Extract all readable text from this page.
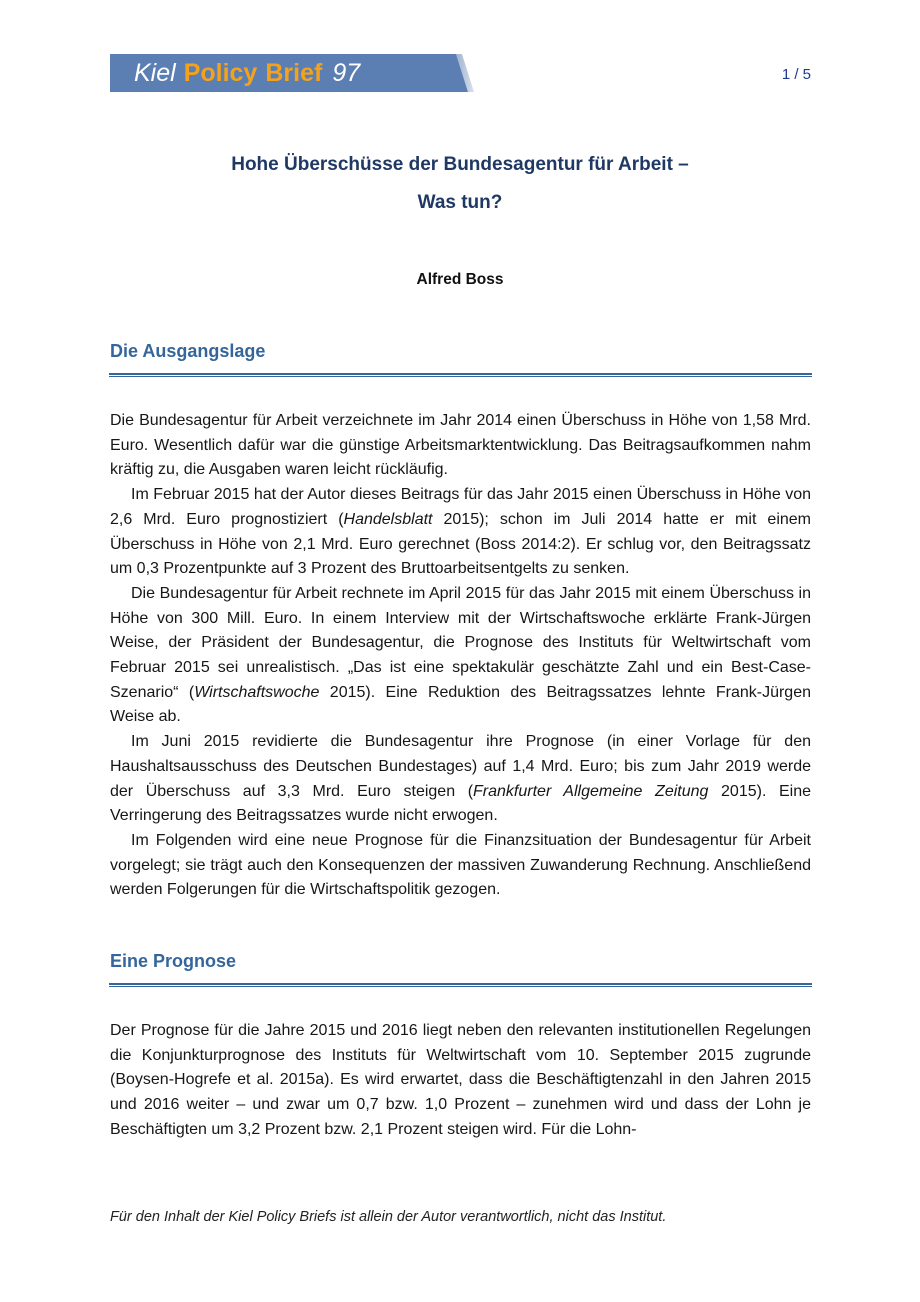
Kiel Policy Brief 97	1 / 5
Hohe Überschüsse der Bundesagentur für Arbeit –
Was tun?
Alfred Boss
Die Ausgangslage

Die Bundesagentur für Arbeit verzeichnete im Jahr 2014 einen Überschuss in Höhe von 1,58 Mrd. Euro. Wesentlich dafür war die günstige Arbeitsmarktentwicklung. Das Beitragsaufkommen nahm kräftig zu, die Ausgaben waren leicht rückläufig.

Im Februar 2015 hat der Autor dieses Beitrags für das Jahr 2015 einen Überschuss in Höhe von 2,6 Mrd. Euro prognostiziert (Handelsblatt 2015); schon im Juli 2014 hatte er mit einem Überschuss in Höhe von 2,1 Mrd. Euro gerechnet (Boss 2014:2). Er schlug vor, den Beitragssatz um 0,3 Prozentpunkte auf 3 Prozent des Bruttoarbeitsentgelts zu senken.

Die Bundesagentur für Arbeit rechnete im April 2015 für das Jahr 2015 mit einem Überschuss in Höhe von 300 Mill. Euro. In einem Interview mit der Wirtschaftswoche erklärte Frank-Jürgen Weise, der Präsident der Bundesagentur, die Prognose des Instituts für Weltwirtschaft vom Februar 2015 sei unrealistisch. „Das ist eine spektakulär geschätzte Zahl und ein Best-Case-Szenario“ (Wirtschaftswoche 2015). Eine Reduktion des Beitragssatzes lehnte Frank-Jürgen Weise ab.

Im Juni 2015 revidierte die Bundesagentur ihre Prognose (in einer Vorlage für den Haushaltsausschuss des Deutschen Bundestages) auf 1,4 Mrd. Euro; bis zum Jahr 2019 werde der Überschuss auf 3,3 Mrd. Euro steigen (Frankfurter Allgemeine Zeitung 2015). Eine Verringerung des Beitragssatzes wurde nicht erwogen.

Im Folgenden wird eine neue Prognose für die Finanzsituation der Bundesagentur für Arbeit vorgelegt; sie trägt auch den Konsequenzen der massiven Zuwanderung Rechnung. Anschließend werden Folgerungen für die Wirtschaftspolitik gezogen.

Eine Prognose

Der Prognose für die Jahre 2015 und 2016 liegt neben den relevanten institutionellen Regelungen die Konjunkturprognose des Instituts für Weltwirtschaft vom 10. September 2015 zugrunde (Boysen-Hogrefe et al. 2015a). Es wird erwartet, dass die Beschäftigtenzahl in den Jahren 2015 und 2016 weiter – und zwar um 0,7 bzw. 1,0 Prozent – zunehmen wird und dass der Lohn je Beschäftigten um 3,2 Prozent bzw. 2,1 Prozent steigen wird. Für die Lohn-

Für den Inhalt der Kiel Policy Briefs ist allein der Autor verantwortlich, nicht das Institut.
